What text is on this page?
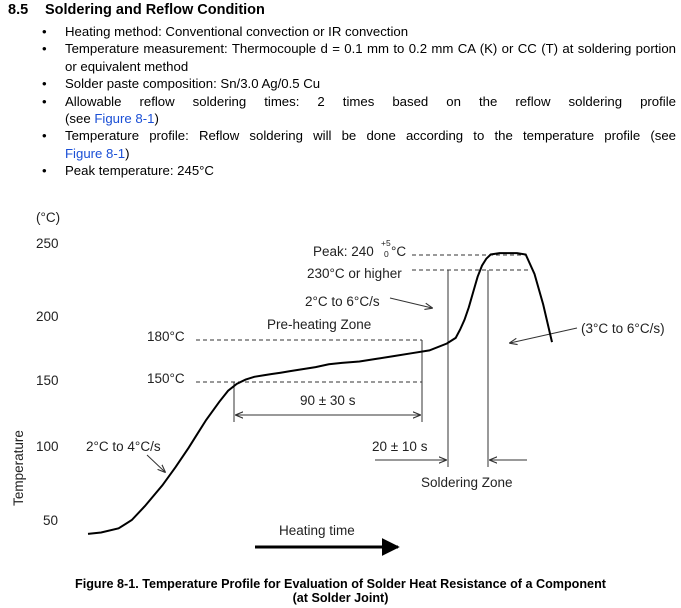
8.5 Soldering and Reflow Condition
• Heating method: Conventional convection or IR convection
• Temperature measurement: Thermocouple d = 0.1 mm to 0.2 mm CA (K) or CC (T) at soldering portion or equivalent method
• Solder paste composition: Sn/3.0 Ag/0.5 Cu
• Allowable reflow soldering times: 2 times based on the reflow soldering profile
(see Figure 8-1)
• Temperature profile: Reflow soldering will be done according to the temperature profile (see
Figure 8-1)
• Peak temperature: 245°C
(°C)
250
200
150
100
50
Temperature
Peak: 240
+5
0 °C
230°C or higher
2°C to 6°C/s
Pre-heating Zone
180°C
150°C
90 ± 30 s
2°C to 4°C/s	20 ± 10 s
Soldering Zone
(3°C to 6°C/s)
Heating time
Figure 8-1. Temperature Profile for Evaluation of Solder Heat Resistance of a Component
(at Solder Joint)
